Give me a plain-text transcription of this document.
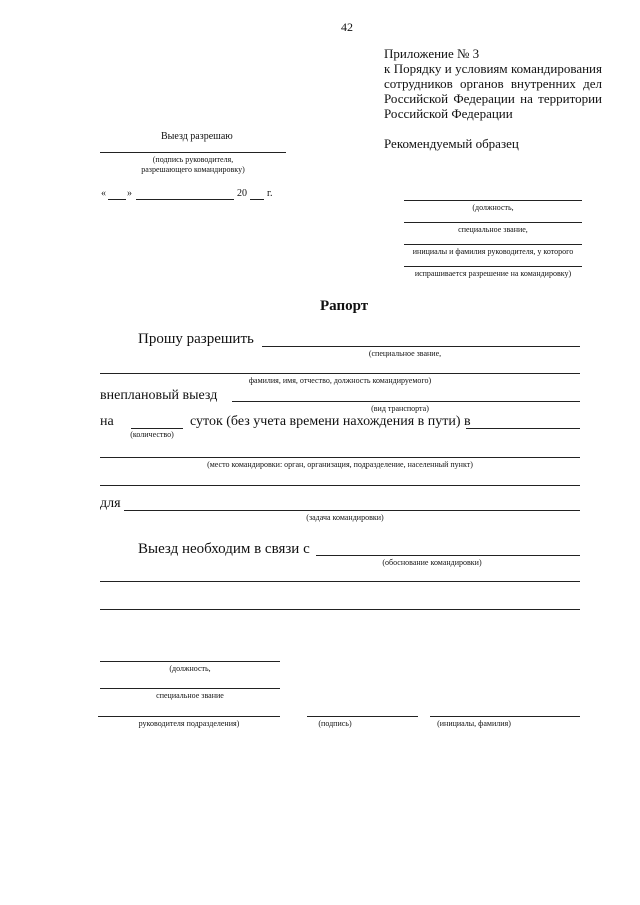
42
Приложение № 3
к Порядку и условиям командирования
сотрудников органов внутренних дел
Российской Федерации на территории
Российской Федерации
Рекомендуемый образец
Выезд разрешаю
(подпись руководителя,
разрешающего командировку)
« »	20 г.
(должность,
специальное звание,
инициалы и фамилия руководителя, у которого
испрашивается разрешение на командировку)
Рапорт
Прошу разрешить
(специальное звание,
фамилия, имя, отчество, должность командируемого)
внеплановый выезд
(вид транспорта)
на
(количество)
суток (без учета времени нахождения в пути) в
(место командировки: орган, организация, подразделение, населенный пункт)
для
(задача командировки)
Выезд необходим в связи с
(обоснование командировки)
(должность,
специальное звание
руководителя подразделения)	(подпись)	(инициалы, фамилия)
